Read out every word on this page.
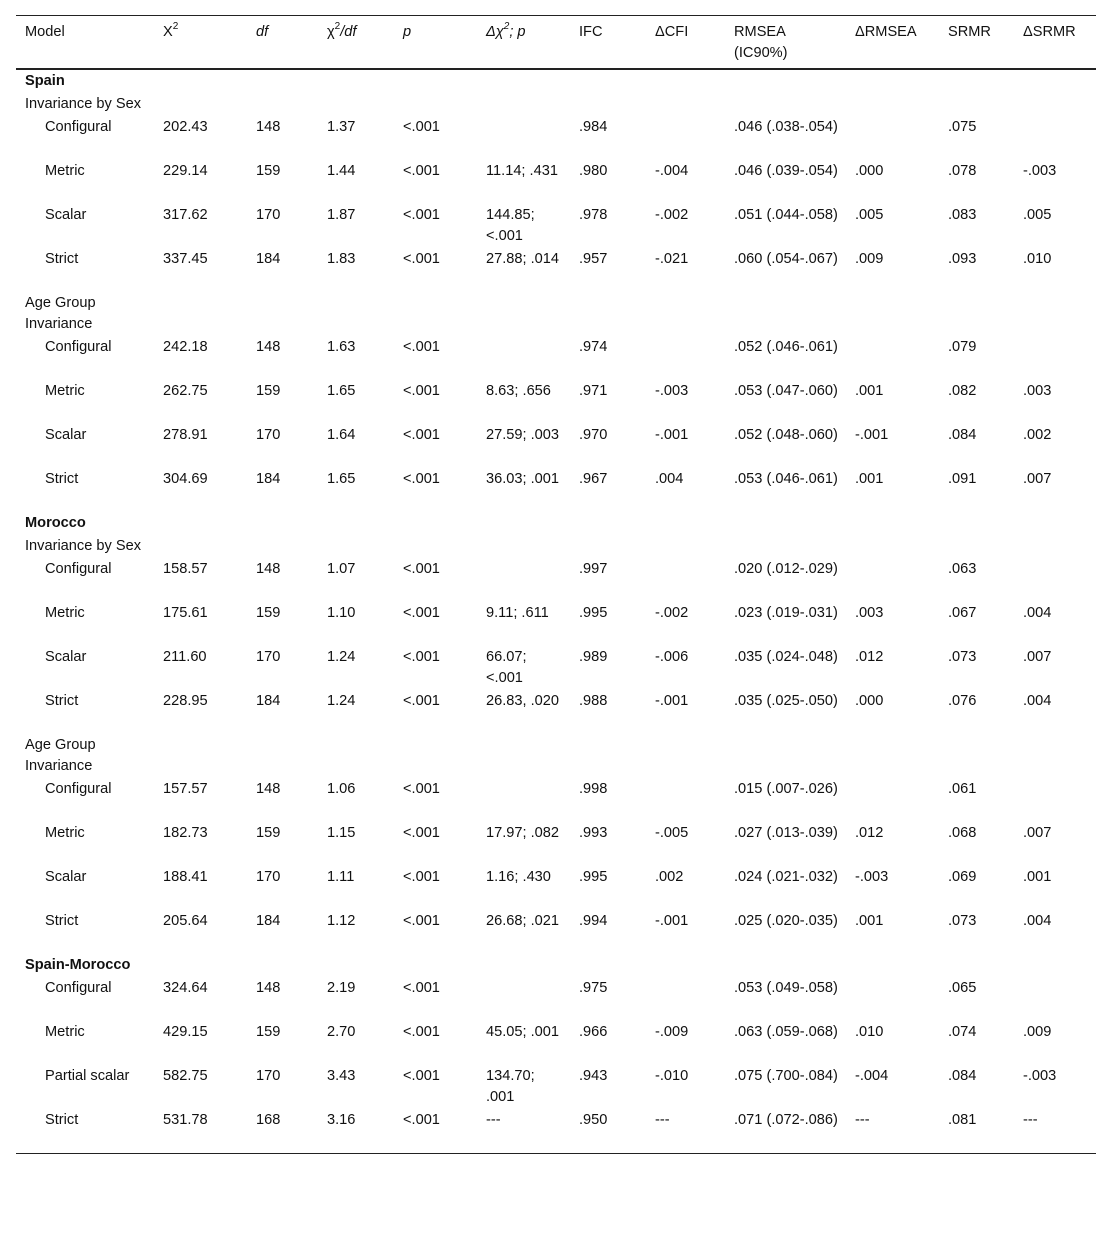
Model	$X^2$	df	$\chi^2/df$	p	$\Delta\chi^2$; p	IFC	ΔCFI	RMSEA (IC90%)	ΔRMSEA	SRMR	ΔSRMR
Spain											
Invariance by Sex											
Configural	202.43	148	1.37	<.001		.984		.046 (.038-.054)		.075	
Metric	229.14	159	1.44	<.001	11.14; .431	.980	-.004	.046 (.039-.054)	.000	.078	-.003
Scalar	317.62	170	1.87	<.001	144.85; <.001	.978	-.002	.051 (.044-.058)	.005	.083	.005
Strict	337.45	184	1.83	<.001	27.88; .014	.957	-.021	.060 (.054-.067)	.009	.093	.010
Age Group Invariance											
Configural	242.18	148	1.63	<.001		.974		.052 (.046-.061)		.079	
Metric	262.75	159	1.65	<.001	8.63; .656	.971	-.003	.053 (.047-.060)	.001	.082	.003
Scalar	278.91	170	1.64	<.001	27.59; .003	.970	-.001	.052 (.048-.060)	-.001	.084	.002
Strict	304.69	184	1.65	<.001	36.03; .001	.967	.004	.053 (.046-.061)	.001	.091	.007
Morocco											
Invariance by Sex											
Configural	158.57	148	1.07	<.001		.997		.020 (.012-.029)		.063	
Metric	175.61	159	1.10	<.001	9.11; .611	.995	-.002	.023 (.019-.031)	.003	.067	.004
Scalar	211.60	170	1.24	<.001	66.07; <.001	.989	-.006	.035 (.024-.048)	.012	.073	.007
Strict	228.95	184	1.24	<.001	26.83, .020	.988	-.001	.035 (.025-.050)	.000	.076	.004
Age Group Invariance											
Configural	157.57	148	1.06	<.001		.998		.015 (.007-.026)		.061	
Metric	182.73	159	1.15	<.001	17.97; .082	.993	-.005	.027 (.013-.039)	.012	.068	.007
Scalar	188.41	170	1.11	<.001	1.16; .430	.995	.002	.024 (.021-.032)	-.003	.069	.001
Strict	205.64	184	1.12	<.001	26.68; .021	.994	-.001	.025 (.020-.035)	.001	.073	.004
Spain-Morocco											
Configural	324.64	148	2.19	<.001		.975		.053 (.049-.058)		.065	
Metric	429.15	159	2.70	<.001	45.05; .001	.966	-.009	.063 (.059-.068)	.010	.074	.009
Partial scalar	582.75	170	3.43	<.001	134.70; .001	.943	-.010	.075 (.700-.084)	-.004	.084	-.003
Strict	531.78	168	3.16	<.001	---	.950	---	.071 (.072-.086)	---	.081	---
